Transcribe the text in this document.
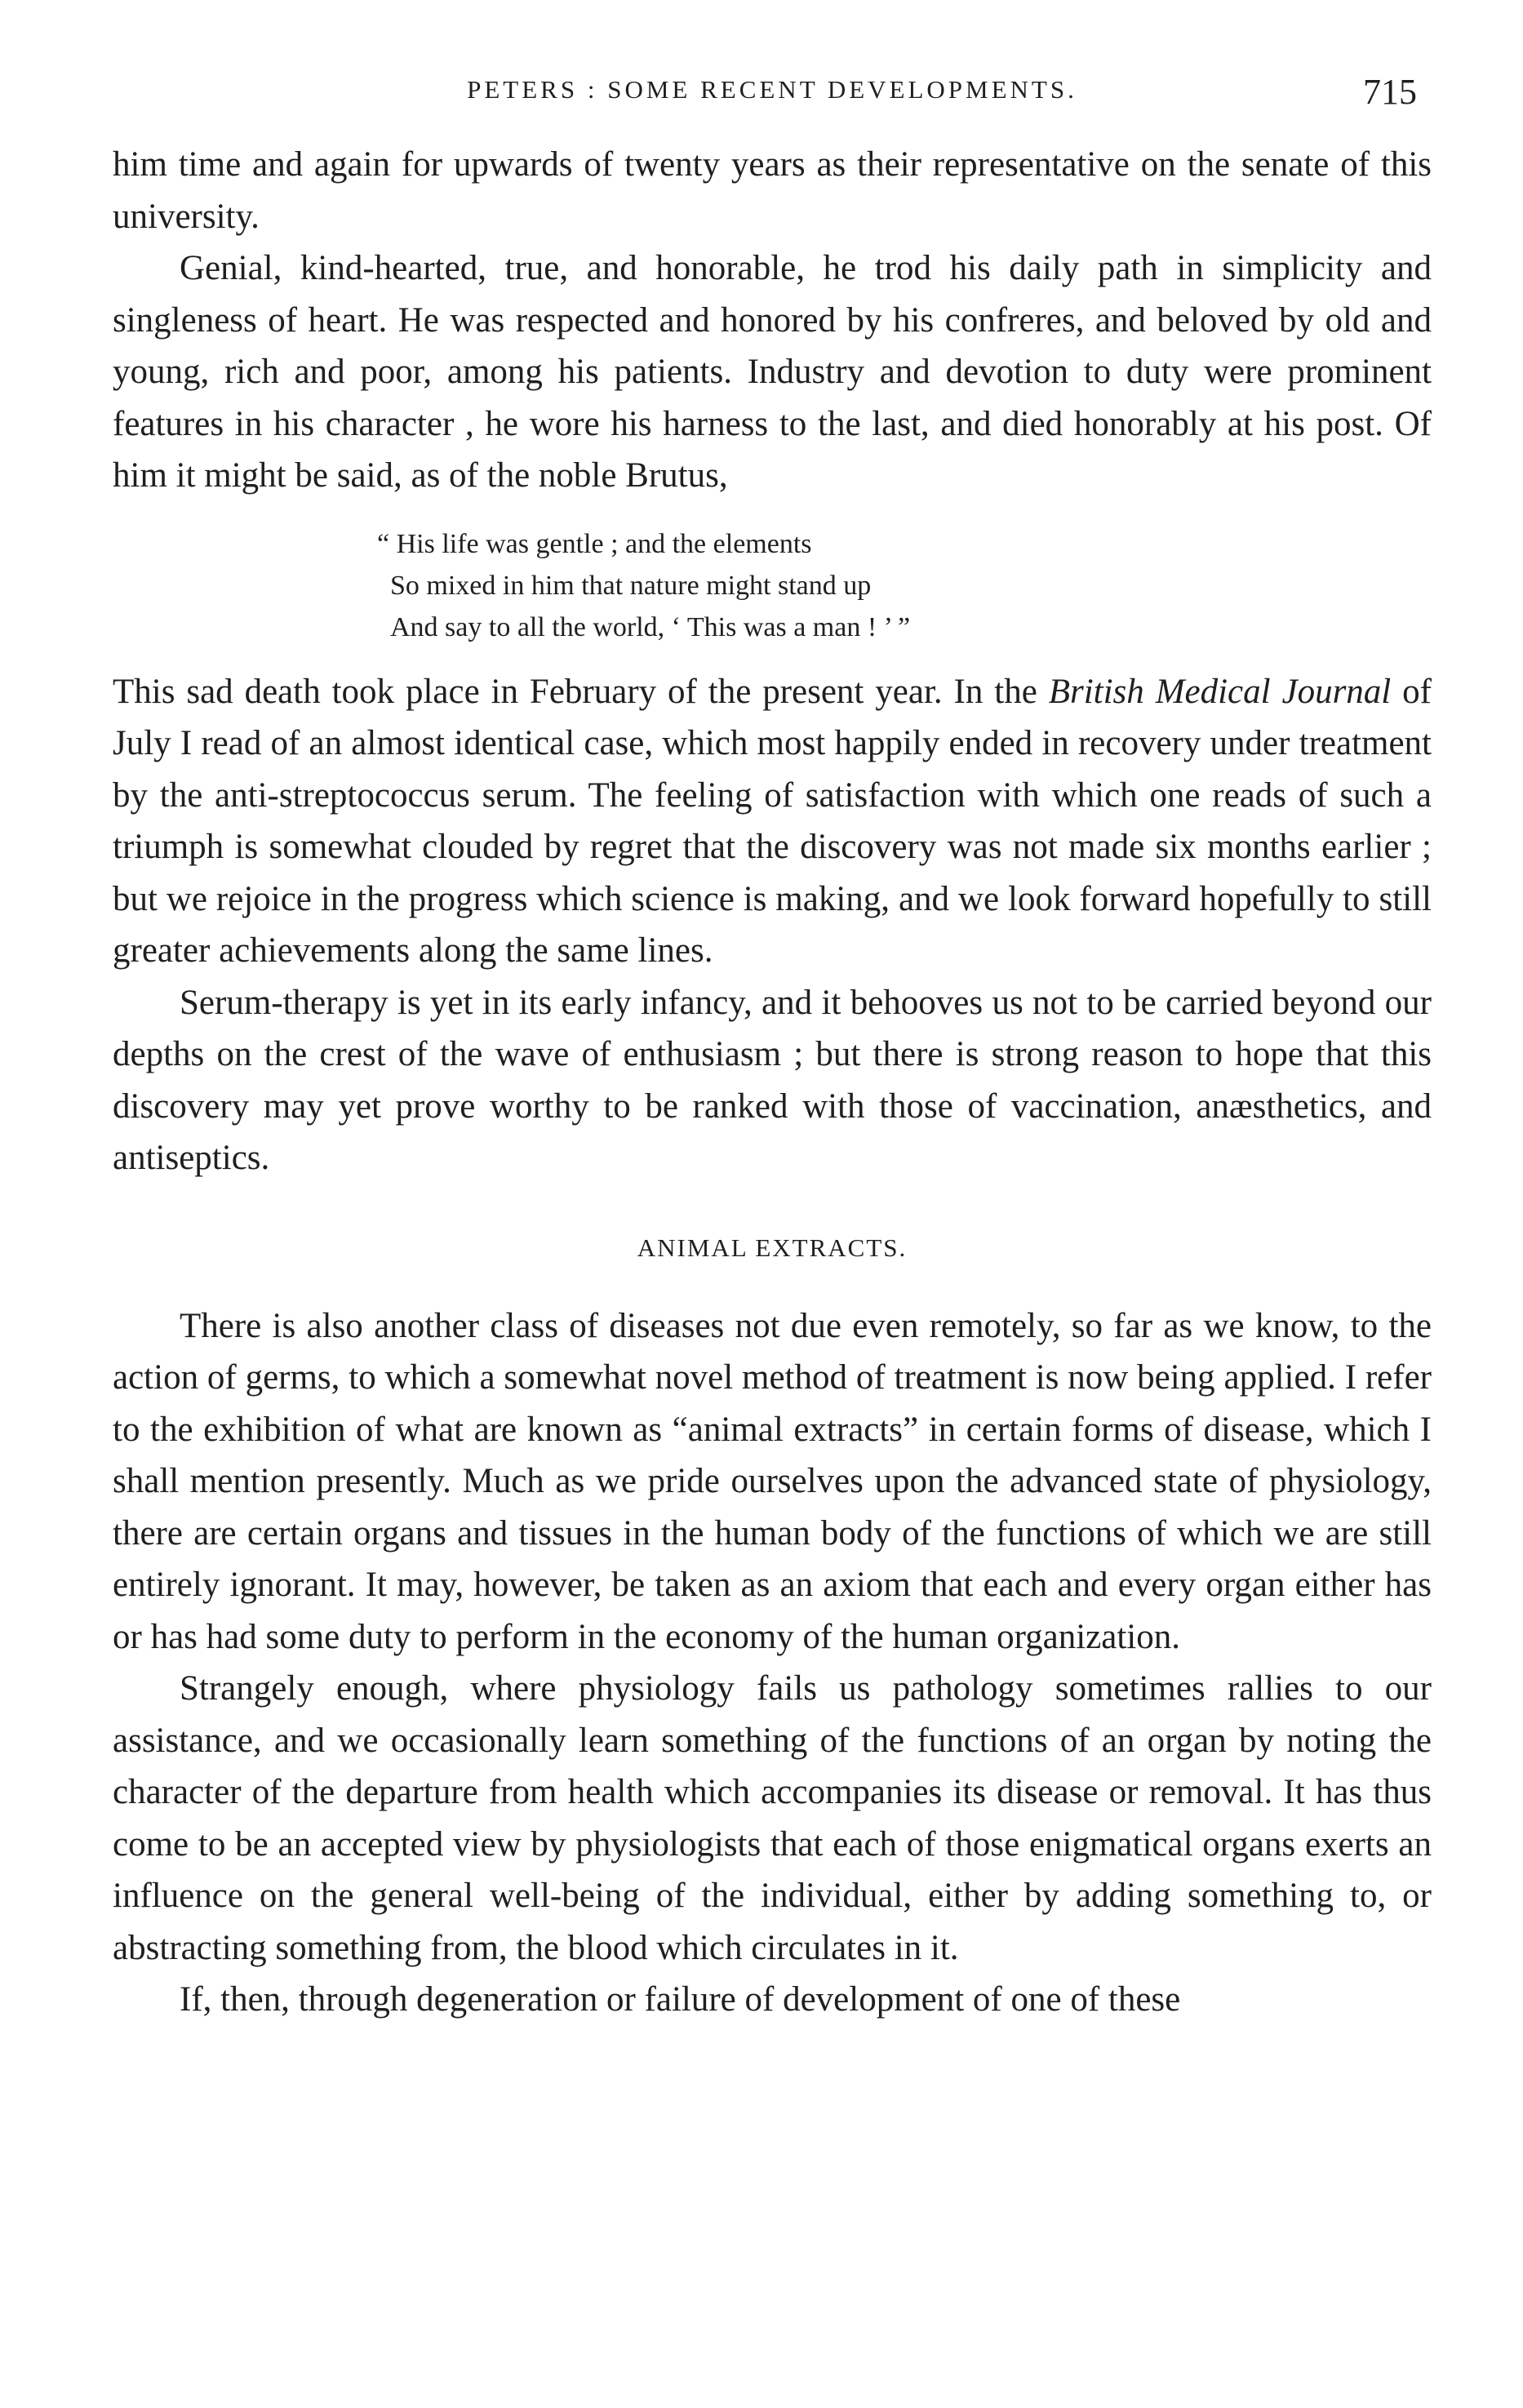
PETERS : SOME RECENT DEVELOPMENTS.	715

him time and again for upwards of twenty years as their representative on the senate of this university.

Genial, kind-hearted, true, and honorable, he trod his daily path in simplicity and singleness of heart. He was respected and honored by his confreres, and beloved by old and young, rich and poor, among his patients. Industry and devotion to duty were prominent features in his character , he wore his harness to the last, and died honorably at his post. Of him it might be said, as of the noble Brutus,

“ His life was gentle ; and the elements
So mixed in him that nature might stand up
And say to all the world, ‘ This was a man ! ’ ”

This sad death took place in February of the present year. In the British Medical Journal of July I read of an almost identical case, which most happily ended in recovery under treatment by the anti-streptococcus serum. The feeling of satisfaction with which one reads of such a triumph is somewhat clouded by regret that the discovery was not made six months earlier ; but we rejoice in the progress which science is making, and we look forward hopefully to still greater achievements along the same lines.

Serum-therapy is yet in its early infancy, and it behooves us not to be carried beyond our depths on the crest of the wave of enthusiasm ; but there is strong reason to hope that this discovery may yet prove worthy to be ranked with those of vaccination, anæsthetics, and antiseptics.

ANIMAL EXTRACTS.

There is also another class of diseases not due even remotely, so far as we know, to the action of germs, to which a somewhat novel method of treatment is now being applied. I refer to the exhibition of what are known as “animal extracts” in certain forms of disease, which I shall mention presently. Much as we pride ourselves upon the advanced state of physiology, there are certain organs and tissues in the human body of the functions of which we are still entirely ignorant. It may, however, be taken as an axiom that each and every organ either has or has had some duty to perform in the economy of the human organization.

Strangely enough, where physiology fails us pathology sometimes rallies to our assistance, and we occasionally learn something of the functions of an organ by noting the character of the departure from health which accompanies its disease or removal. It has thus come to be an accepted view by physiologists that each of those enigmatical organs exerts an influence on the general well-being of the individual, either by adding something to, or abstracting something from, the blood which circulates in it.

If, then, through degeneration or failure of development of one of these
